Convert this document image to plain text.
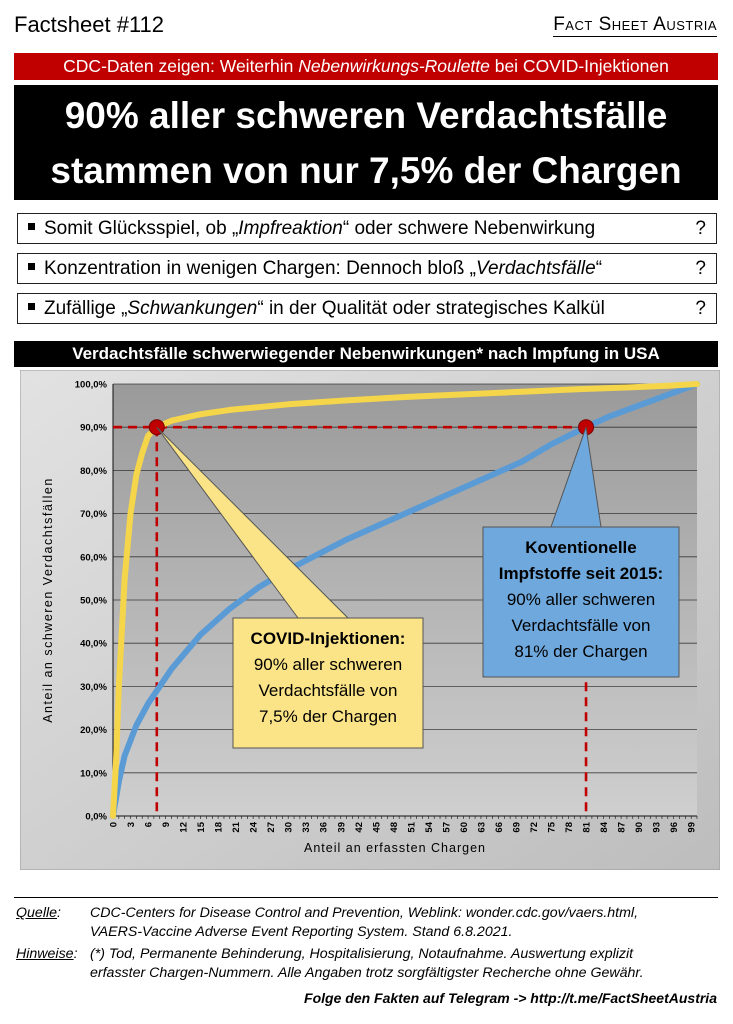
Factsheet #112	Fact Sheet Austria
CDC-Daten zeigen: Weiterhin Nebenwirkungs-Roulette bei COVID-Injektionen
90% aller schweren Verdachtsfälle
stammen von nur 7,5% der Chargen
Somit Glücksspiel, ob „Impfreaktion“ oder schwere Nebenwirkung	?
Konzentration in wenigen Chargen: Dennoch bloß „Verdachtsfälle“	?
Zufällige „Schwankungen“ in der Qualität oder strategisches Kalkül	?
Verdachtsfälle schwerwiegender Nebenwirkungen* nach Impfung in USA
0,0%
10,0%
20,0%
30,0%
40,0%
50,0%
60,0%
70,0%
80,0%
90,0%
100,0%
0 3 6 9 12 15 18 21 24 27 30 33 36 39 42 45 48 51 54 57 60 63 66 69 72 75 78 81 84 87 90 93 96 99
COVID-Injektionen:
90% aller schweren
Verdachtsfälle von
7,5% der Chargen
Koventionelle
Impfstoffe seit 2015:
90% aller schweren
Verdachtsfälle von
81% der Chargen
Anteil an schweren Verdachtsfällen
Anteil an erfassten Chargen
Quelle: CDC-Centers for Disease Control and Prevention, Weblink: wonder.cdc.gov/vaers.html,
VAERS-Vaccine Adverse Event Reporting System. Stand 6.8.2021.
Hinweise: (*) Tod, Permanente Behinderung, Hospitalisierung, Notaufnahme. Auswertung explizit
erfasster Chargen-Nummern. Alle Angaben trotz sorgfältigster Recherche ohne Gewähr.
Folge den Fakten auf Telegram -> http://t.me/FactSheetAustria
